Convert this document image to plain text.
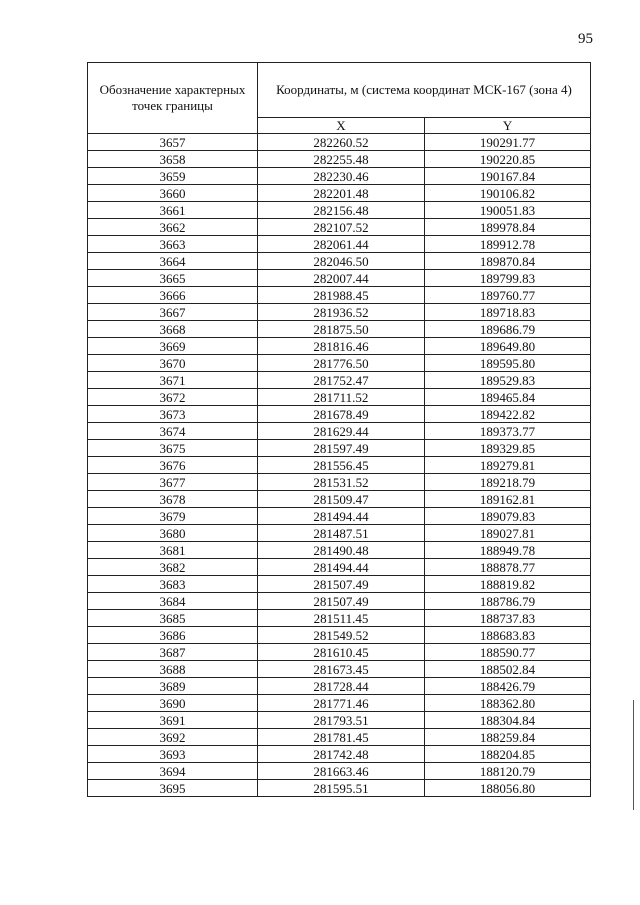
95
Обозначение характерных точек границы	Координаты, м (система координат МСК-167 (зона 4)	
	X	Y
3657	282260.52	190291.77
3658	282255.48	190220.85
3659	282230.46	190167.84
3660	282201.48	190106.82
3661	282156.48	190051.83
3662	282107.52	189978.84
3663	282061.44	189912.78
3664	282046.50	189870.84
3665	282007.44	189799.83
3666	281988.45	189760.77
3667	281936.52	189718.83
3668	281875.50	189686.79
3669	281816.46	189649.80
3670	281776.50	189595.80
3671	281752.47	189529.83
3672	281711.52	189465.84
3673	281678.49	189422.82
3674	281629.44	189373.77
3675	281597.49	189329.85
3676	281556.45	189279.81
3677	281531.52	189218.79
3678	281509.47	189162.81
3679	281494.44	189079.83
3680	281487.51	189027.81
3681	281490.48	188949.78
3682	281494.44	188878.77
3683	281507.49	188819.82
3684	281507.49	188786.79
3685	281511.45	188737.83
3686	281549.52	188683.83
3687	281610.45	188590.77
3688	281673.45	188502.84
3689	281728.44	188426.79
3690	281771.46	188362.80
3691	281793.51	188304.84
3692	281781.45	188259.84
3693	281742.48	188204.85
3694	281663.46	188120.79
3695	281595.51	188056.80
